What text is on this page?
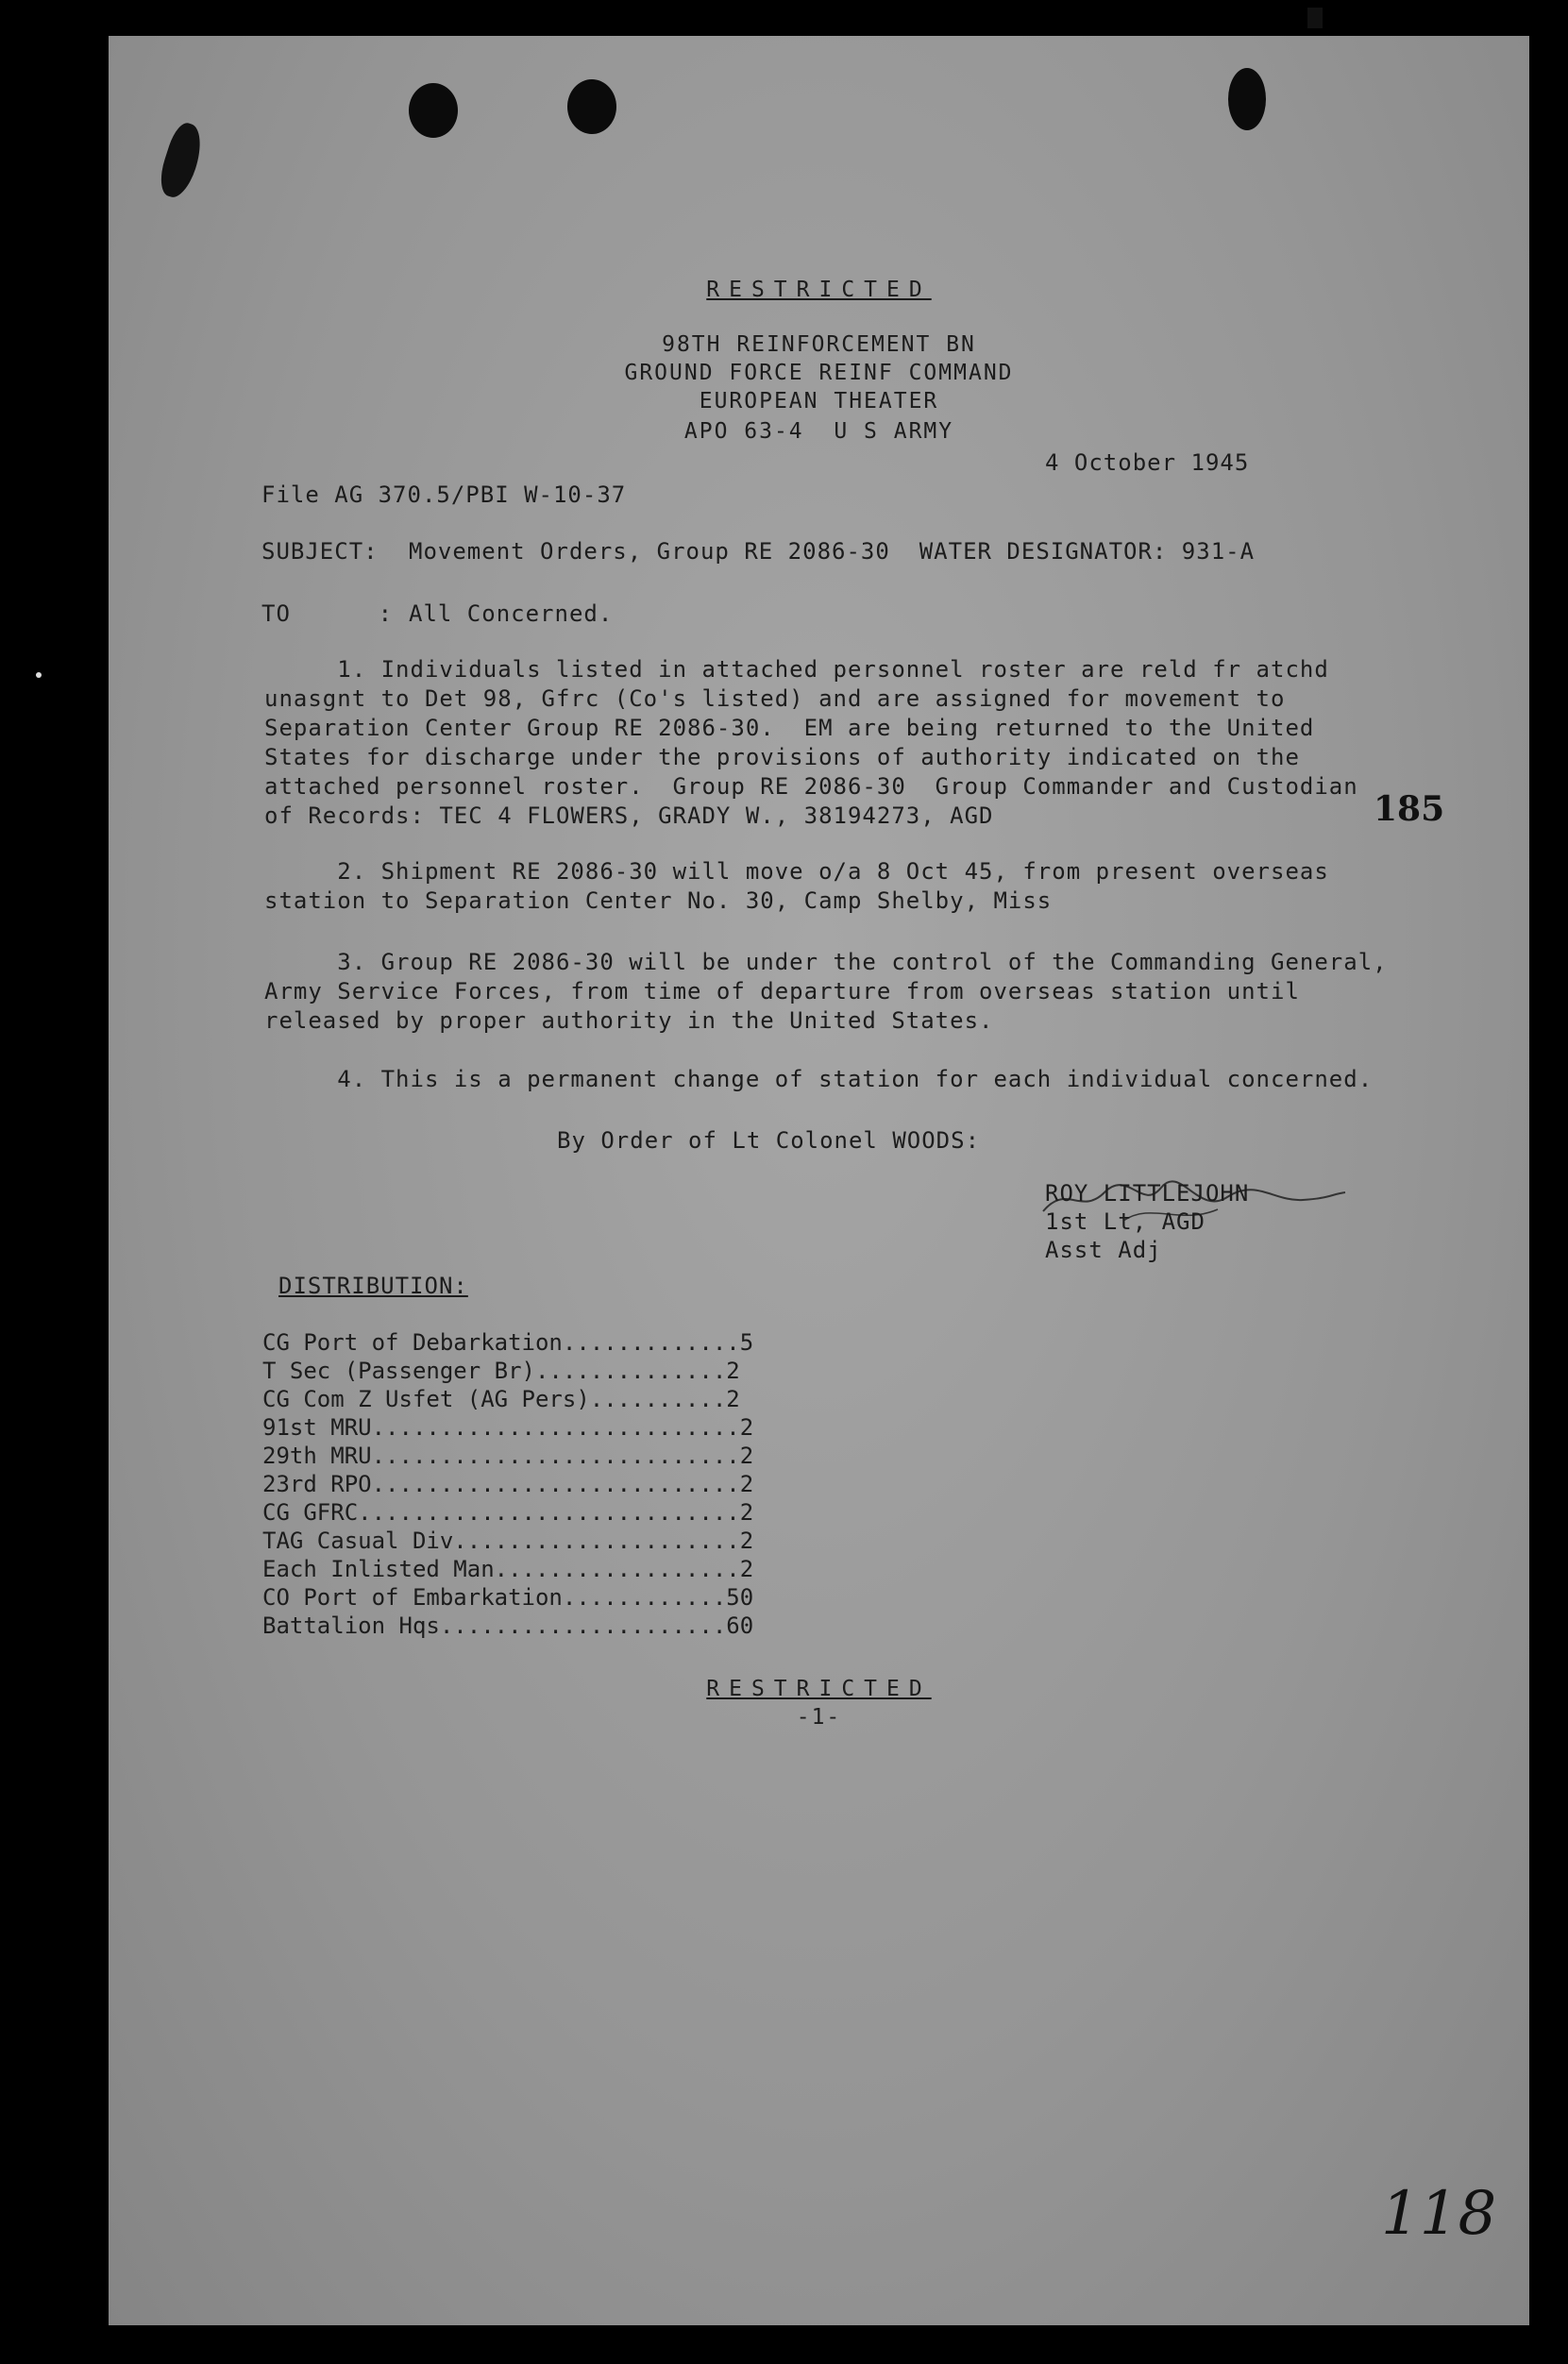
RESTRICTED
98TH REINFORCEMENT BN
GROUND FORCE REINF COMMAND
EUROPEAN THEATER
APO 63-4  U S ARMY
4 October 1945
File AG 370.5/PBI W-10-37
SUBJECT: Movement Orders, Group RE 2086-30  WATER DESIGNATOR: 931-A
TO      : All Concerned.
1. Individuals listed in attached personnel roster are reld fr atchd
unasgnt to Det 98, Gfrc (Co's listed) and are assigned for movement to
Separation Center Group RE 2086-30.  EM are being returned to the United
States for discharge under the provisions of authority indicated on the
attached personnel roster.  Group RE 2086-30  Group Commander and Custodian
of Records: TEC 4 FLOWERS, GRADY W., 38194273, AGD	185
2. Shipment RE 2086-30 will move o/a 8 Oct 45, from present overseas
station to Separation Center No. 30, Camp Shelby, Miss
3. Group RE 2086-30 will be under the control of the Commanding General,
Army Service Forces, from time of departure from overseas station until
released by proper authority in the United States.
4. This is a permanent change of station for each individual concerned.
By Order of Lt Colonel WOODS:
ROY LITTLEJOHN
1st Lt, AGD
Asst Adj
DISTRIBUTION:
CG Port of Debarkation.............5
T Sec (Passenger Br)..............2
CG Com Z Usfet (AG Pers)..........2
91st MRU...........................2
29th MRU...........................2
23rd RPO...........................2
CG GFRC............................2
TAG Casual Div.....................2
Each Inlisted Man..................2
CO Port of Embarkation............50
Battalion Hqs.....................60
RESTRICTED
-1-
118
